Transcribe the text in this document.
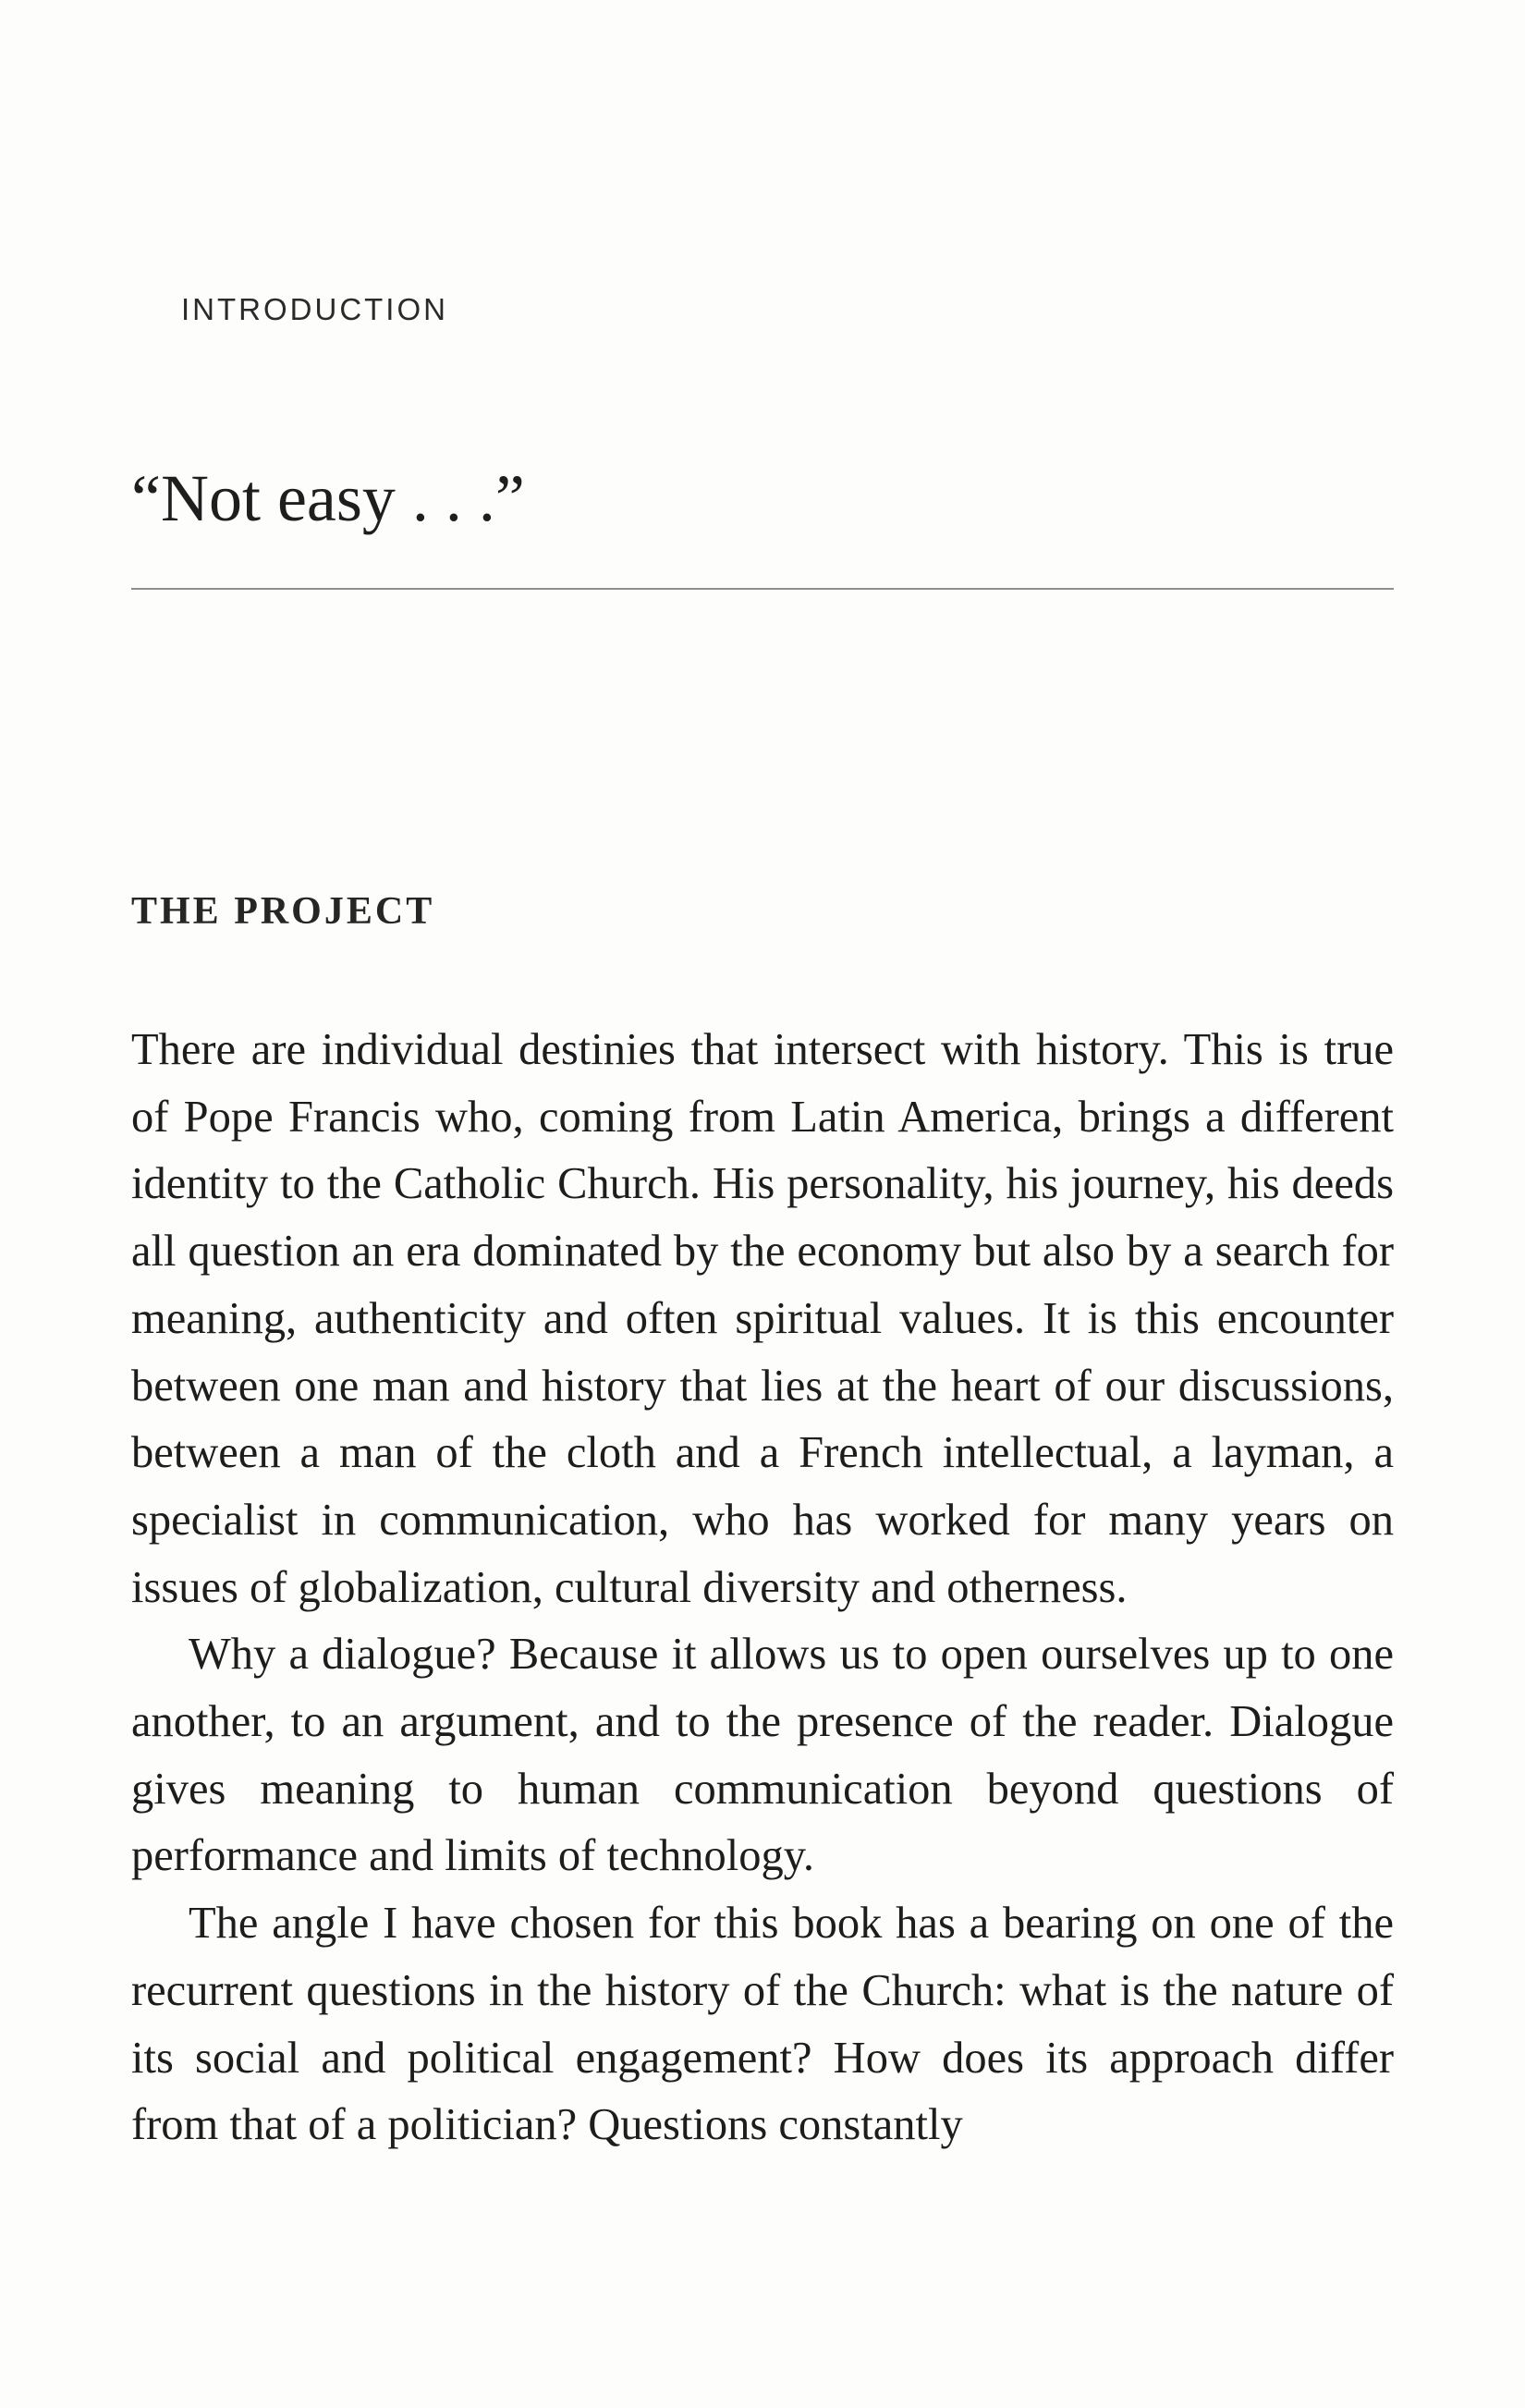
INTRODUCTION
“Not easy . . .”
THE PROJECT

There are individual destinies that intersect with history. This is true of Pope Francis who, coming from Latin America, brings a different identity to the Catholic Church. His personality, his journey, his deeds all question an era dominated by the economy but also by a search for meaning, authenticity and often spiritual values. It is this encounter between one man and history that lies at the heart of our discussions, between a man of the cloth and a French intellectual, a layman, a specialist in communication, who has worked for many years on issues of globalization, cultural diversity and otherness.

Why a dialogue? Because it allows us to open ourselves up to one another, to an argument, and to the presence of the reader. Dialogue gives meaning to human communication beyond questions of performance and limits of technology.

The angle I have chosen for this book has a bearing on one of the recurrent questions in the history of the Church: what is the nature of its social and political engagement? How does its approach differ from that of a politician? Questions constantly
